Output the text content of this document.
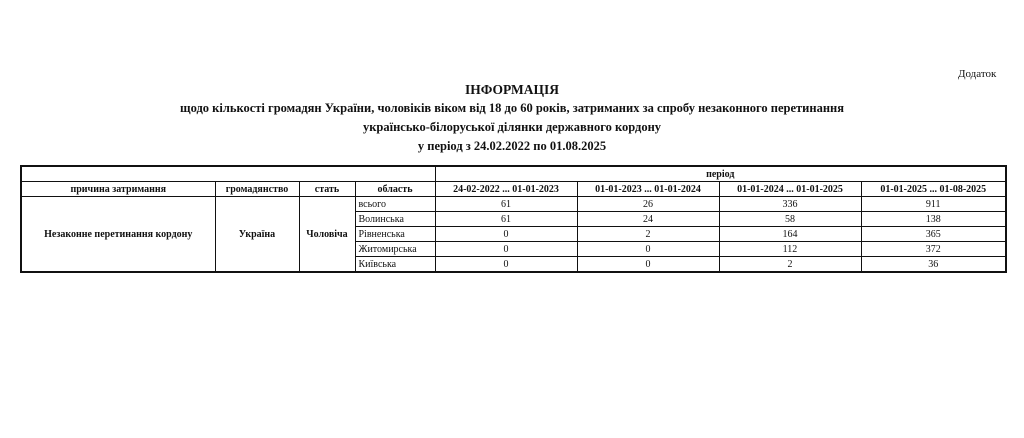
Додаток
ІНФОРМАЦІЯ
щодо кількості громадян України, чоловіків віком від 18 до 60 років, затриманих за спробу незаконного перетинання
українсько-білоруської ділянки державного кордону
у період з 24.02.2022 по 01.08.2025
				період			
причина затримання	громадянство	стать	область	24-02-2022 ... 01-01-2023	01-01-2023 ... 01-01-2024	01-01-2024 ... 01-01-2025	01-01-2025 ... 01-08-2025
Незаконне перетинання кордону	Україна	Чоловіча	всього	61	26	336	911
			Волинська	61	24	58	138
			Рівненська	0	2	164	365
			Житомирська	0	0	112	372
			Київська	0	0	2	36
